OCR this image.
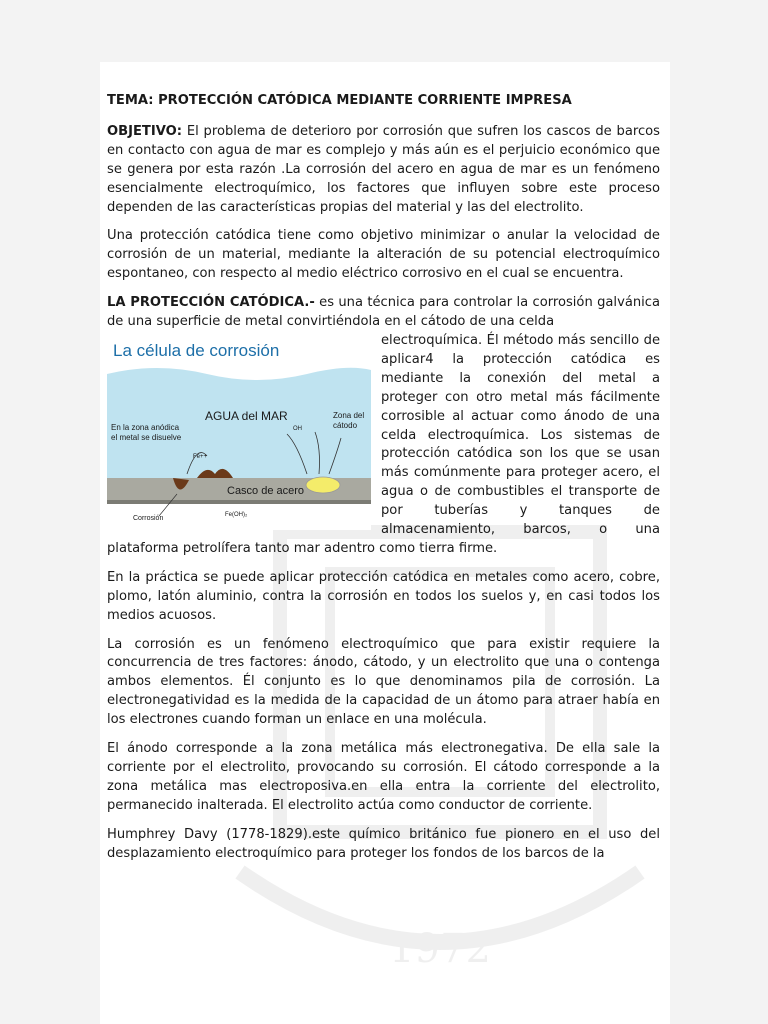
1972

TEMA: PROTECCIÓN CATÓDICA MEDIANTE CORRIENTE IMPRESA

OBJETIVO: El problema de deterioro por corrosión que sufren los cascos de barcos en contacto con agua de mar es complejo y más aún es el perjuicio económico que se genera por esta razón .La corrosión del acero en agua de mar es un fenómeno esencialmente electroquímico, los factores que influyen sobre este proceso dependen de las características propias del material y las del electrolito.

Una protección catódica tiene como objetivo minimizar o anular la velocidad de corrosión de un material, mediante la alteración de su potencial electroquímico espontaneo, con respecto al medio eléctrico corrosivo en el cual se encuentra.

LA PROTECCIÓN CATÓDICA.- es una técnica para controlar la corrosión galvánica de una superficie de metal convirtiéndola en el cátodo de una celda

La célula de corrosión
AGUA del MAR
En la zona anódica
el metal se disuelve
Zona del
cátodo
Casco de acero
Corrosión	Fe(OH)₂
Fe++
OH

electroquímica. Él método más sencillo de aplicar4 la protección catódica es mediante la conexión del metal a proteger con otro metal más fácilmente corrosible al actuar como ánodo de una celda electroquímica. Los sistemas de protección catódica son los que se usan más comúnmente para proteger acero, el agua o de combustibles el transporte de por tuberías y tanques de almacenamiento, barcos, o una plataforma petrolífera tanto mar adentro como tierra firme.

En la práctica se puede aplicar protección catódica en metales como acero, cobre, plomo, latón aluminio, contra la corrosión en todos los suelos y, en casi todos los medios acuosos.

La corrosión es un fenómeno electroquímico que para existir requiere la concurrencia de tres factores: ánodo, cátodo, y un electrolito que una o contenga ambos elementos. Él conjunto es lo que denominamos pila de corrosión. La electronegatividad es la medida de la capacidad de un átomo para atraer había en los electrones cuando forman un enlace en una molécula.

El ánodo corresponde a la zona metálica más electronegativa. De ella sale la corriente por el electrolito, provocando su corrosión. El cátodo corresponde a la zona metálica mas electroposiva.en ella entra la corriente del electrolito, permanecido inalterada. El electrolito actúa como conductor de corriente.

Humphrey Davy (1778-1829).este químico británico fue pionero en el uso del desplazamiento electroquímico para proteger los fondos de los barcos de la
